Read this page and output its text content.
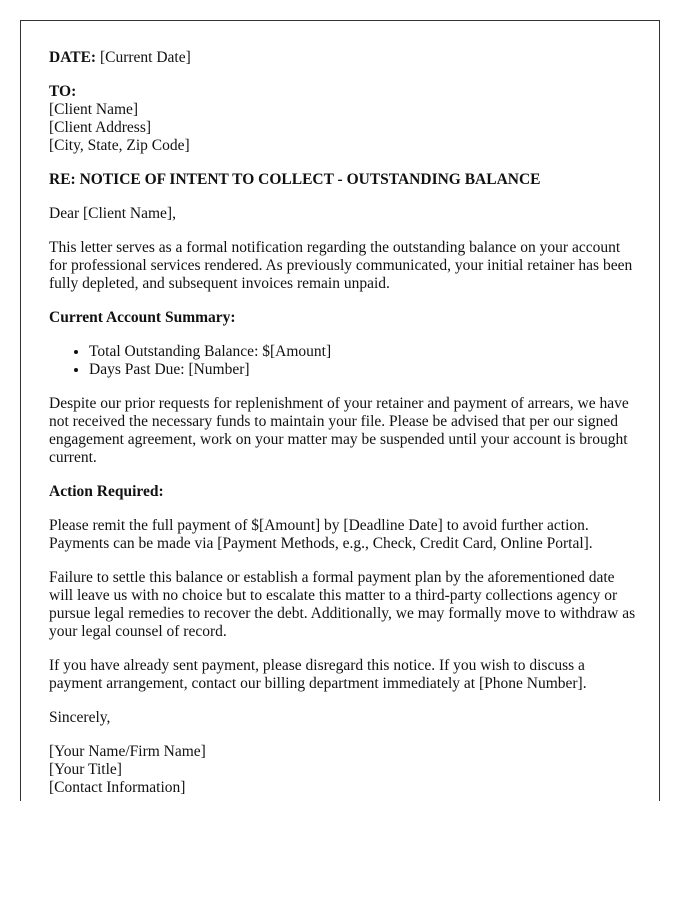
DATE: [Current Date]

TO:
[Client Name]
[Client Address]
[City, State, Zip Code]

RE: NOTICE OF INTENT TO COLLECT - OUTSTANDING BALANCE

Dear [Client Name],

This letter serves as a formal notification regarding the outstanding balance on your account for professional services rendered. As previously communicated, your initial retainer has been fully depleted, and subsequent invoices remain unpaid.

Current Account Summary:

• Total Outstanding Balance: $[Amount]
• Days Past Due: [Number]

Despite our prior requests for replenishment of your retainer and payment of arrears, we have not received the necessary funds to maintain your file. Please be advised that per our signed engagement agreement, work on your matter may be suspended until your account is brought current.

Action Required:

Please remit the full payment of $[Amount] by [Deadline Date] to avoid further action. Payments can be made via [Payment Methods, e.g., Check, Credit Card, Online Portal].

Failure to settle this balance or establish a formal payment plan by the aforementioned date will leave us with no choice but to escalate this matter to a third-party collections agency or pursue legal remedies to recover the debt. Additionally, we may formally move to withdraw as your legal counsel of record.

If you have already sent payment, please disregard this notice. If you wish to discuss a payment arrangement, contact our billing department immediately at [Phone Number].

Sincerely,

[Your Name/Firm Name]
[Your Title]
[Contact Information]
